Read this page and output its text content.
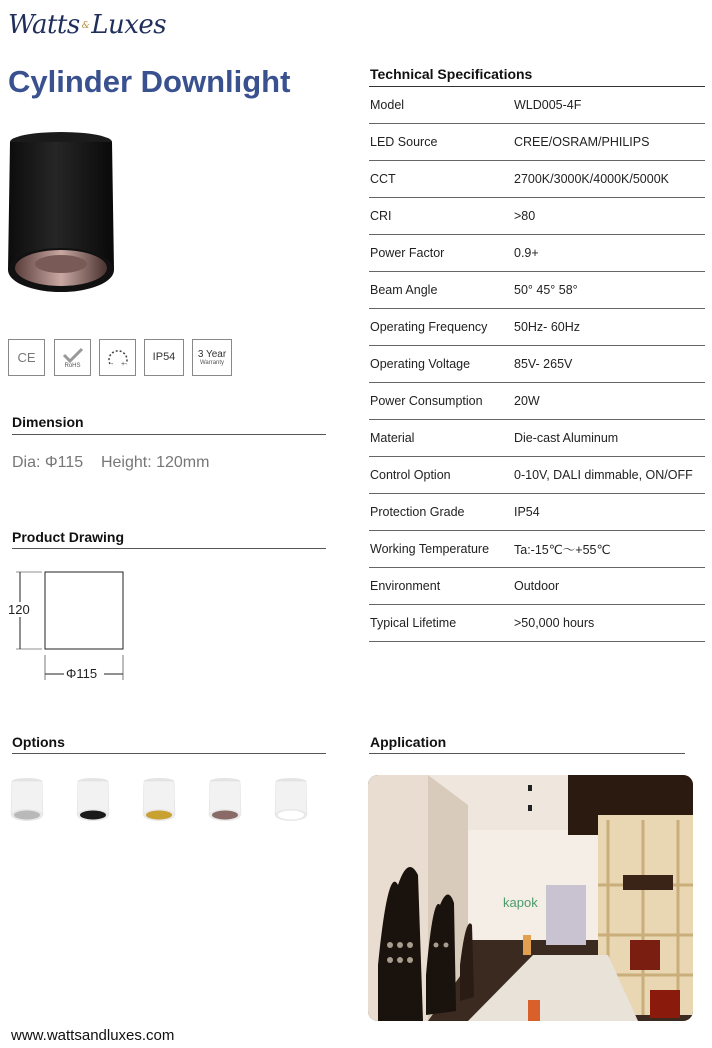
Watts &Luxes
Cylinder Downlight
CE
RoHS	- +
IP54 3 Year
Warranty
Dimension
Dia: Φ115    Height: 120mm
Product Drawing
120
Φ115
Options
Technical Specifications
Model	WLD005-4F
LED Source	CREE/OSRAM/PHILIPS
CCT	2700K/3000K/4000K/5000K
CRI	>80
Power Factor	0.9+
Beam Angle	50° 45° 58°
Operating Frequency	50Hz- 60Hz
Operating Voltage	85V- 265V
Power Consumption	20W
Material	Die-cast Aluminum
Control Option	0-10V, DALI dimmable, ON/OFF
Protection Grade	IP54
Working Temperature	Ta:-15℃～+55℃
Environment	Outdoor
Typical Lifetime	>50,000 hours
Application
kapok
www.wattsandluxes.com
